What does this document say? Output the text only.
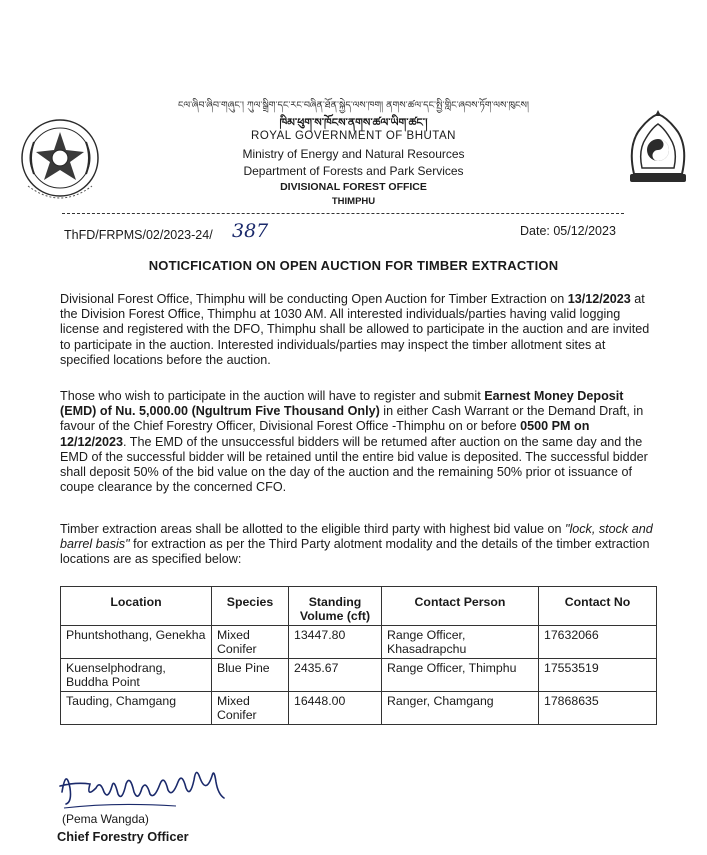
ངལ་ཞིབ་ཞིབ་གཞུང༌། ཀུལ་སྒྲིག་དང༌རང་བཞིན་ཐོན་སྐྱེད་ལས་ཁག། ནགས་ཚལ་དང་སྤྱི་གླིང་ཞབས་ཏོག་ལས་ཁུངས།
ཁིམ་ཕུག་ས་ཁོངས་ནགས་ཚལ་ཡིག་ཚང་།
ROYAL GOVERNMENT OF BHUTAN
Ministry of Energy and Natural Resources
Department of Forests and Park Services
DIVISIONAL FOREST OFFICE
THIMPHU
ThFD/FRPMS/02/2023-24/ 387	Date: 05/12/2023
NOTICFICATION ON OPEN AUCTION FOR TIMBER EXTRACTION
Divisional Forest Office, Thimphu will be conducting Open Auction for Timber Extraction on 13/12/2023 at the Division Forest Office, Thimphu at 1030 AM. All interested individuals/parties having valid logging license and registered with the DFO, Thimphu shall be allowed to participate in the auction and are invited to participate in the auction. Interested individuals/parties may inspect the timber allotment sites at specified locations before the auction.
Those who wish to participate in the auction will have to register and submit Earnest Money Deposit (EMD) of Nu. 5,000.00 (Ngultrum Five Thousand Only) in either Cash Warrant or the Demand Draft, in favour of the Chief Forestry Officer, Divisional Forest Office -Thimphu on or before 0500 PM on 12/12/2023. The EMD of the unsuccessful bidders will be retumed after auction on the same day and the EMD of the successful bidder will be retained until the entire bid value is deposited. The successful bidder shall deposit 50% of the bid value on the day of the auction and the remaining 50% prior ot issuance of coupe clearance by the concerned CFO.
Timber extraction areas shall be allotted to the eligible third party with highest bid value on "lock, stock and barrel basis" for extraction as per the Third Party alotment modality and the details of the timber extraction locations are as specified below:
Location	Species	Standing Volume (cft)	Contact Person	Contact No
Phuntshothang, Genekha	Mixed Conifer	13447.80	Range Officer, Khasadrapchu	17632066
Kuenselphodrang, Buddha Point	Blue Pine	2435.67	Range Officer, Thimphu	17553519
Tauding, Chamgang	Mixed Conifer	16448.00	Ranger, Chamgang	17868635
(Pema Wangda)
Chief Forestry Officer
